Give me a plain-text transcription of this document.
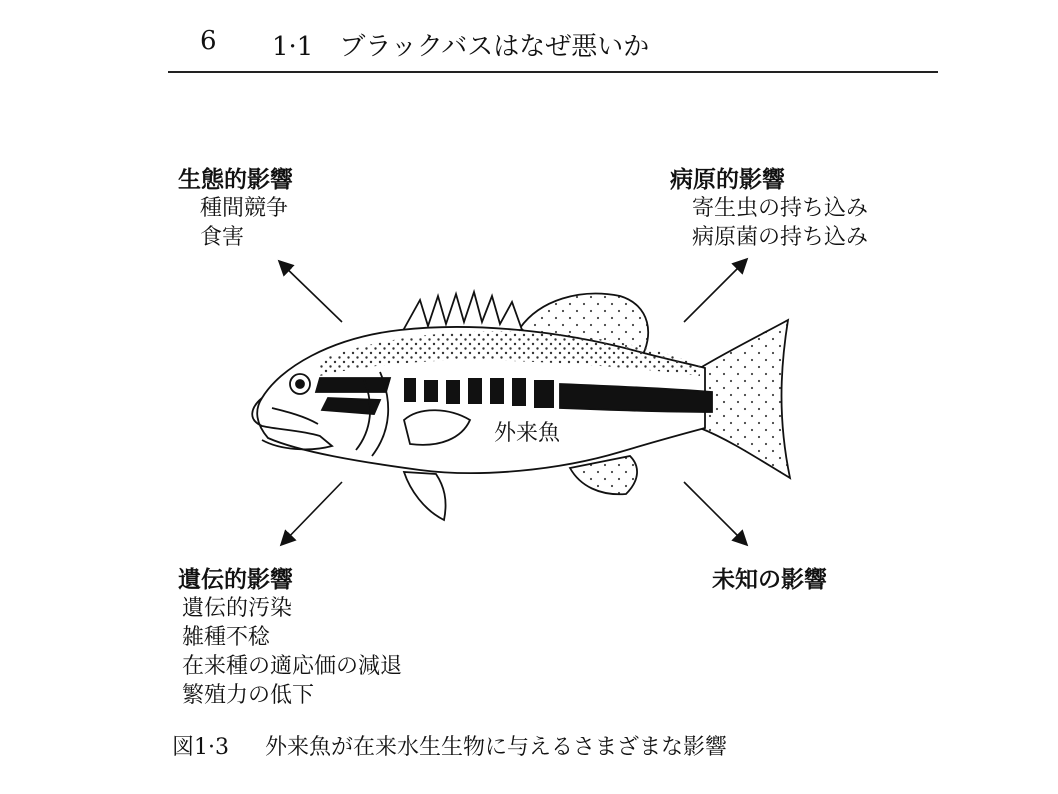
6 1·1　ブラックバスはなぜ悪いか
外来魚
生態的影響
種間競争
食害
病原的影響
寄生虫の持ち込み
病原菌の持ち込み
遺伝的影響
遺伝的汚染
雑種不稔
在来種の適応価の減退
繁殖力の低下
未知の影響
図1·3 外来魚が在来水生生物に与えるさまざまな影響
